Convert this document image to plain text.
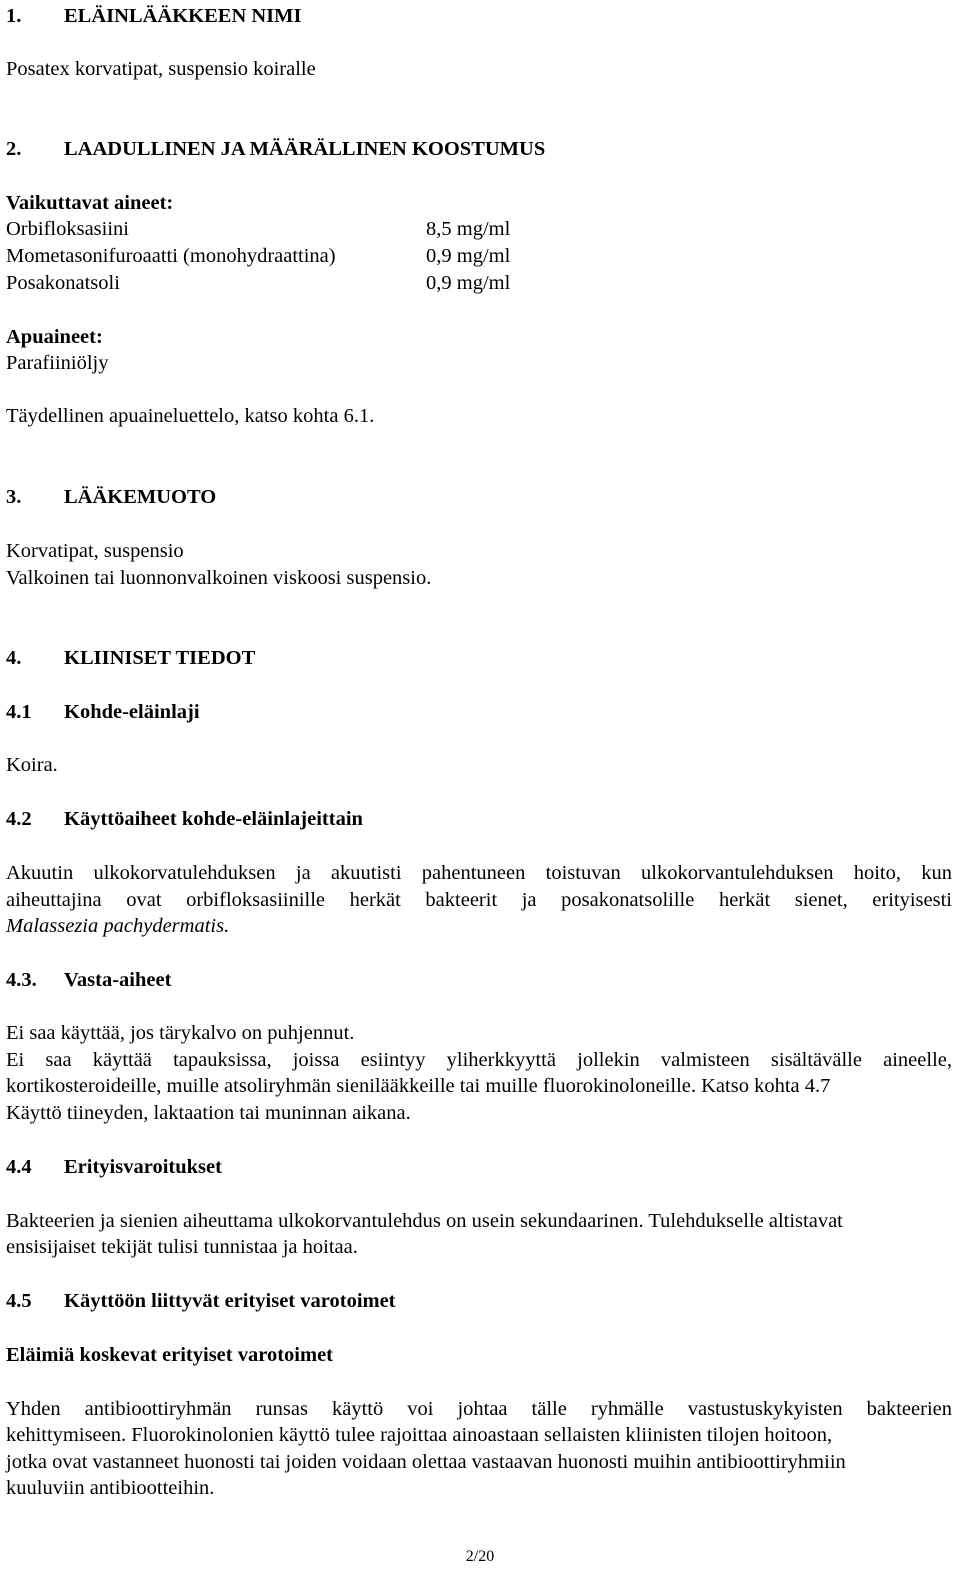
1. ELÄINLÄÄKKEEN NIMI
Posatex korvatipat, suspensio koiralle
2. LAADULLINEN JA MÄÄRÄLLINEN KOOSTUMUS
Vaikuttavat aineet:
Orbifloksasiini	8,5 mg/ml
Mometasonifuroaatti (monohydraattina)	0,9 mg/ml
Posakonatsoli	0,9 mg/ml
Apuaineet:
Parafiiniöljy
Täydellinen apuaineluettelo, katso kohta 6.1.
3. LÄÄKEMUOTO
Korvatipat, suspensio
Valkoinen tai luonnonvalkoinen viskoosi suspensio.
4. KLIINISET TIEDOT
4.1 Kohde-eläinlaji
Koira.
4.2 Käyttöaiheet kohde-eläinlajeittain
Akuutin ulkokorvatulehduksen ja akuutisti pahentuneen toistuvan ulkokorvantulehduksen hoito, kun
aiheuttajina ovat orbifloksasiinille herkät bakteerit ja posakonatsolille herkät sienet, erityisesti
Malassezia pachydermatis.
4.3. Vasta-aiheet
Ei saa käyttää, jos tärykalvo on puhjennut.
Ei saa käyttää tapauksissa, joissa esiintyy yliherkkyyttä jollekin valmisteen sisältävälle aineelle,
kortikosteroideille, muille atsoliryhmän sienilääkkeille tai muille fluorokinoloneille. Katso kohta 4.7
Käyttö tiineyden, laktaation tai muninnan aikana.
4.4 Erityisvaroitukset
Bakteerien ja sienien aiheuttama ulkokorvantulehdus on usein sekundaarinen. Tulehdukselle altistavat
ensisijaiset tekijät tulisi tunnistaa ja hoitaa.
4.5 Käyttöön liittyvät erityiset varotoimet
Eläimiä koskevat erityiset varotoimet
Yhden antibioottiryhmän runsas käyttö voi johtaa tälle ryhmälle vastustuskykyisten bakteerien
kehittymiseen. Fluorokinolonien käyttö tulee rajoittaa ainoastaan sellaisten kliinisten tilojen hoitoon,
jotka ovat vastanneet huonosti tai joiden voidaan olettaa vastaavan huonosti muihin antibioottiryhmiin
kuuluviin antibiootteihin.
2/20
